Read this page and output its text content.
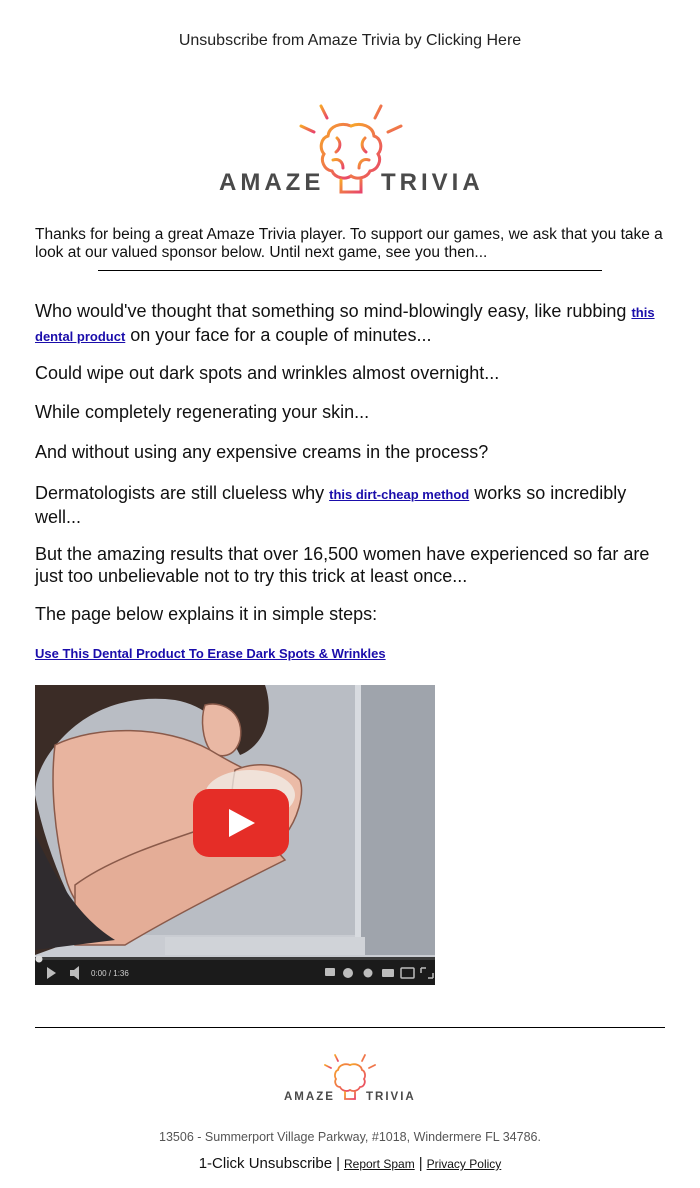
Unsubscribe from Amaze Trivia by Clicking Here
AMAZE TRIVIA
Thanks for being a great Amaze Trivia player. To support our games, we ask that you take a look at our valued sponsor below. Until next game, see you then...
Who would've thought that something so mind-blowingly easy, like rubbing this dental product on your face for a couple of minutes...
Could wipe out dark spots and wrinkles almost overnight...
While completely regenerating your skin...
And without using any expensive creams in the process?
Dermatologists are still clueless why this dirt-cheap method works so incredibly well...
But the amazing results that over 16,500 women have experienced so far are just too unbelievable not to try this trick at least once...
The page below explains it in simple steps:
Use This Dental Product To Erase Dark Spots & Wrinkles
0:00 / 1:36
AMAZE	TRIVIA
13506 - Summerport Village Parkway, #1018, Windermere FL 34786.
1-Click Unsubscribe | Report Spam | Privacy Policy
